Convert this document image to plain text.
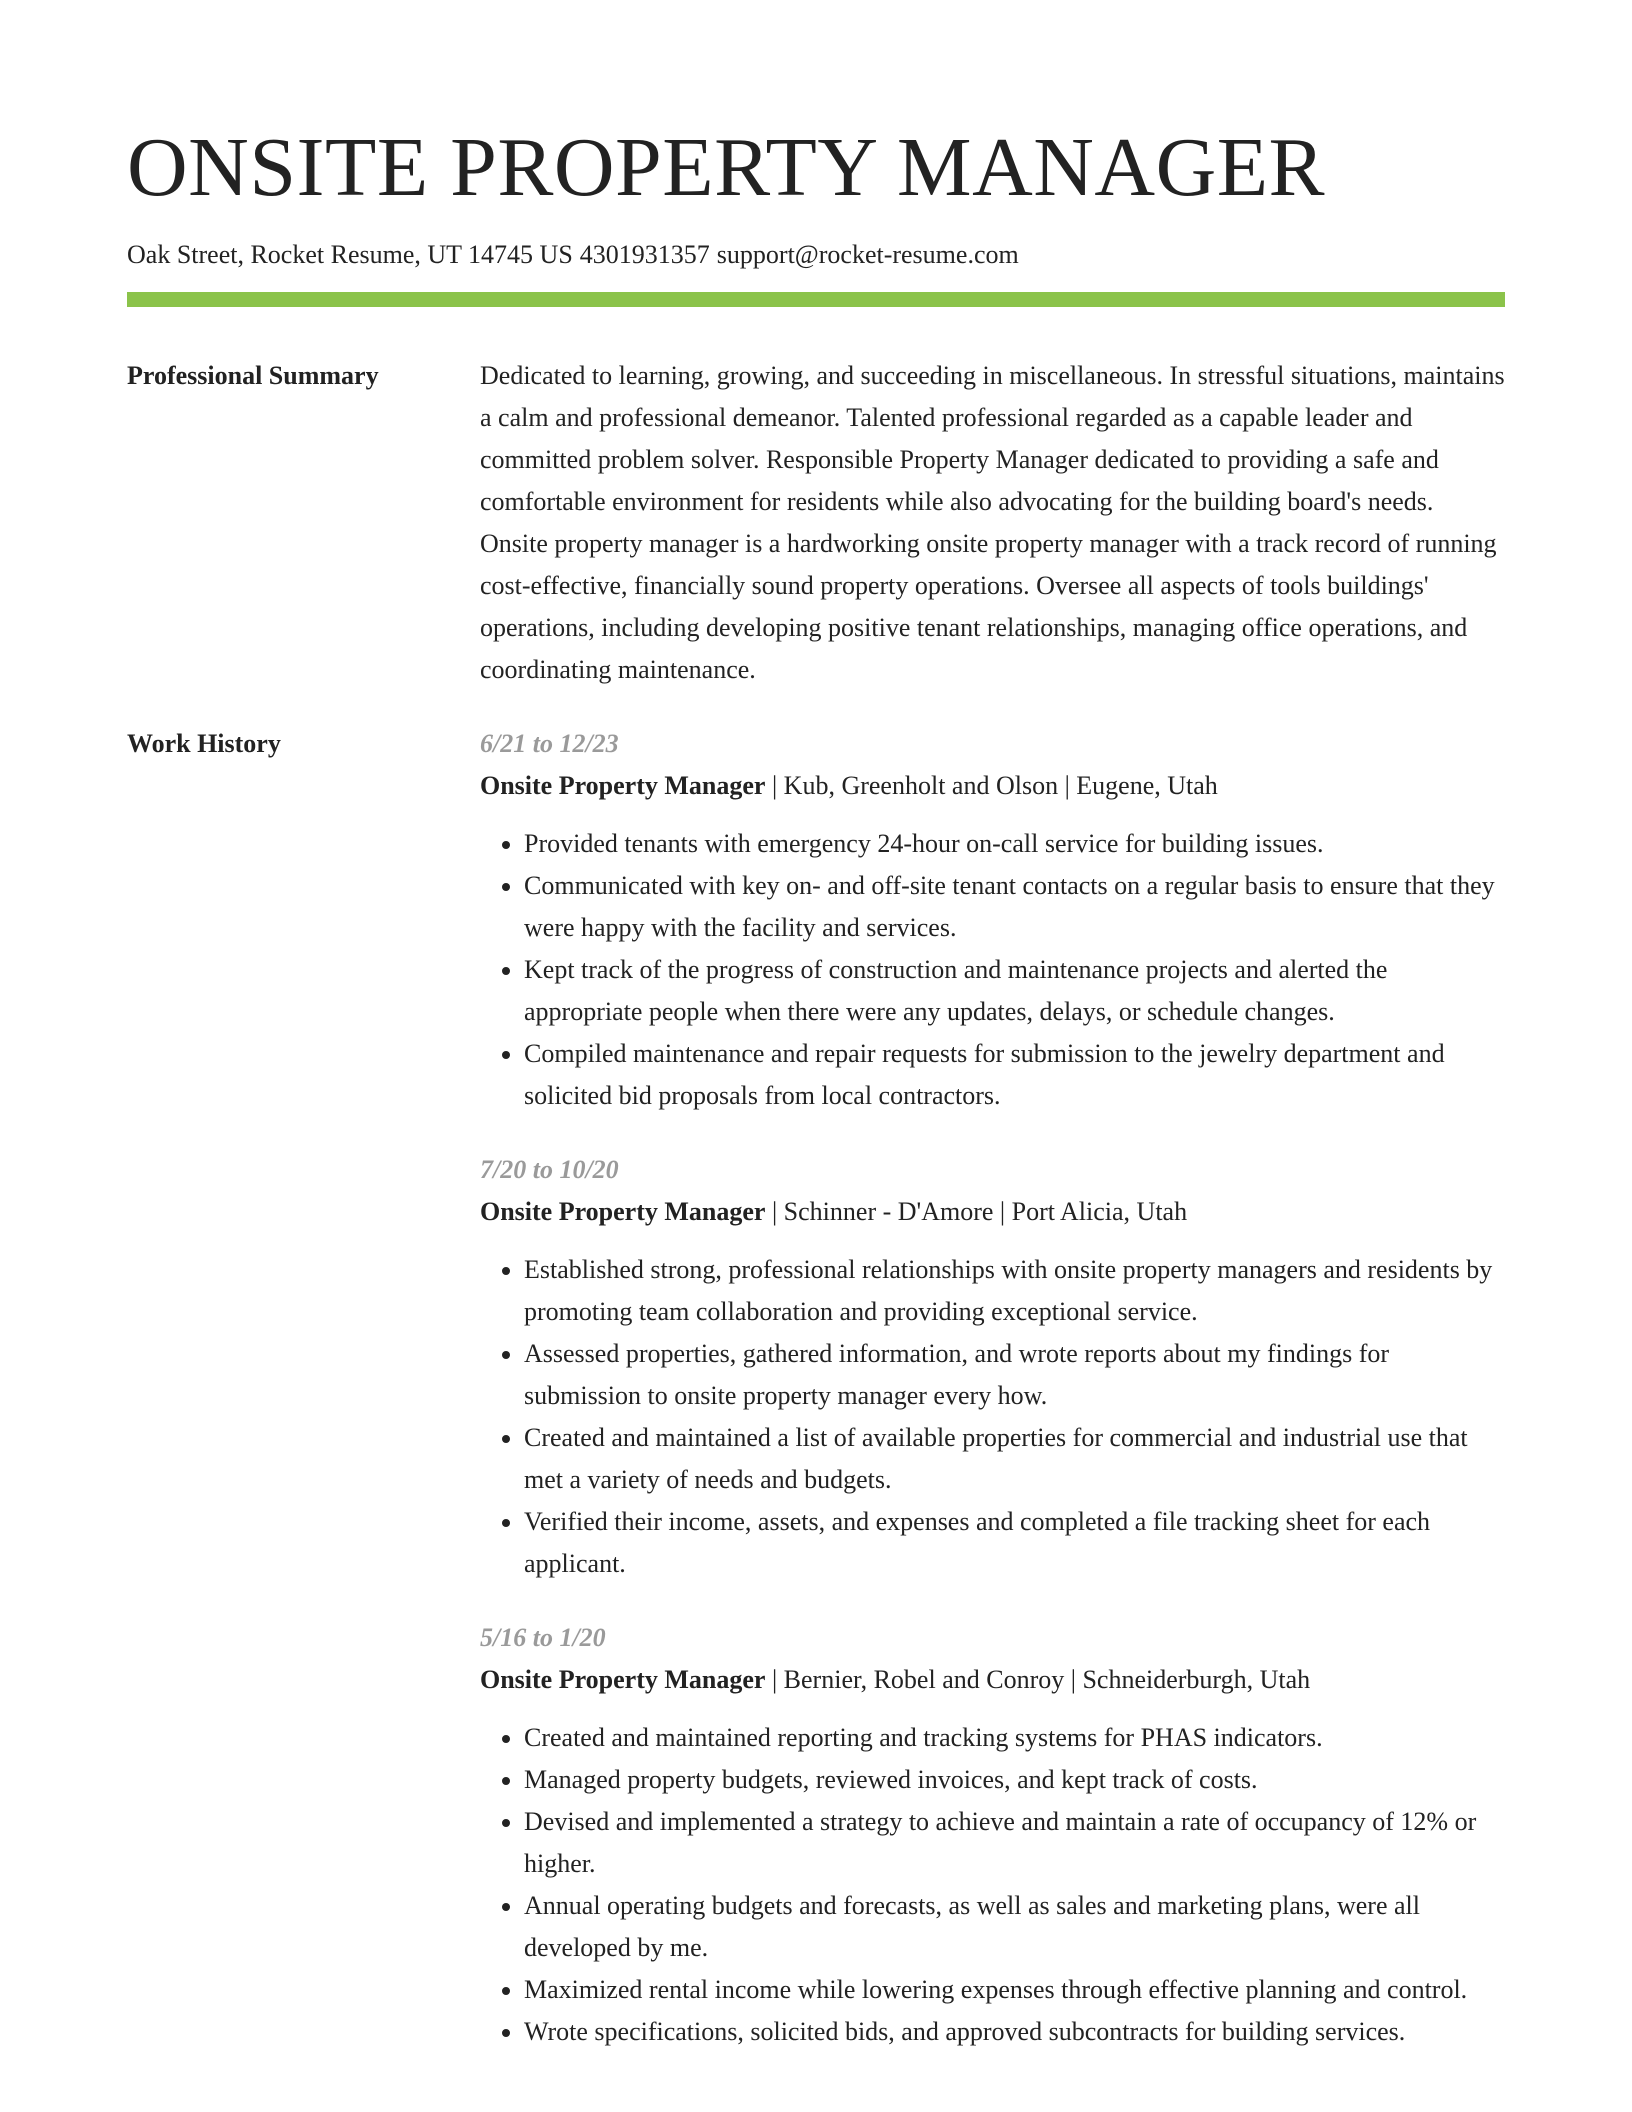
ONSITE PROPERTY MANAGER
Oak Street, Rocket Resume, UT 14745 US 4301931357 support@rocket-resume.com
Professional Summary	Dedicated to learning, growing, and succeeding in miscellaneous. In stressful situations, maintains a calm and professional demeanor. Talented professional regarded as a capable leader and committed problem solver. Responsible Property Manager dedicated to providing a safe and comfortable environment for residents while also advocating for the building board's needs. Onsite property manager is a hardworking onsite property manager with a track record of running cost-effective, financially sound property operations. Oversee all aspects of tools buildings' operations, including developing positive tenant relationships, managing office operations, and coordinating maintenance.

Work History	6/21 to 12/23
Onsite Property Manager | Kub, Greenholt and Olson | Eugene, Utah
• Provided tenants with emergency 24-hour on-call service for building issues.
• Communicated with key on- and off-site tenant contacts on a regular basis to ensure that they were happy with the facility and services.
• Kept track of the progress of construction and maintenance projects and alerted the appropriate people when there were any updates, delays, or schedule changes.
• Compiled maintenance and repair requests for submission to the jewelry department and solicited bid proposals from local contractors.
7/20 to 10/20
Onsite Property Manager | Schinner - D'Amore | Port Alicia, Utah
• Established strong, professional relationships with onsite property managers and residents by promoting team collaboration and providing exceptional service.
• Assessed properties, gathered information, and wrote reports about my findings for submission to onsite property manager every how.
• Created and maintained a list of available properties for commercial and industrial use that met a variety of needs and budgets.
• Verified their income, assets, and expenses and completed a file tracking sheet for each applicant.
5/16 to 1/20
Onsite Property Manager | Bernier, Robel and Conroy | Schneiderburgh, Utah
• Created and maintained reporting and tracking systems for PHAS indicators.
• Managed property budgets, reviewed invoices, and kept track of costs.
• Devised and implemented a strategy to achieve and maintain a rate of occupancy of 12% or higher.
• Annual operating budgets and forecasts, as well as sales and marketing plans, were all developed by me.
• Maximized rental income while lowering expenses through effective planning and control.
• Wrote specifications, solicited bids, and approved subcontracts for building services.
